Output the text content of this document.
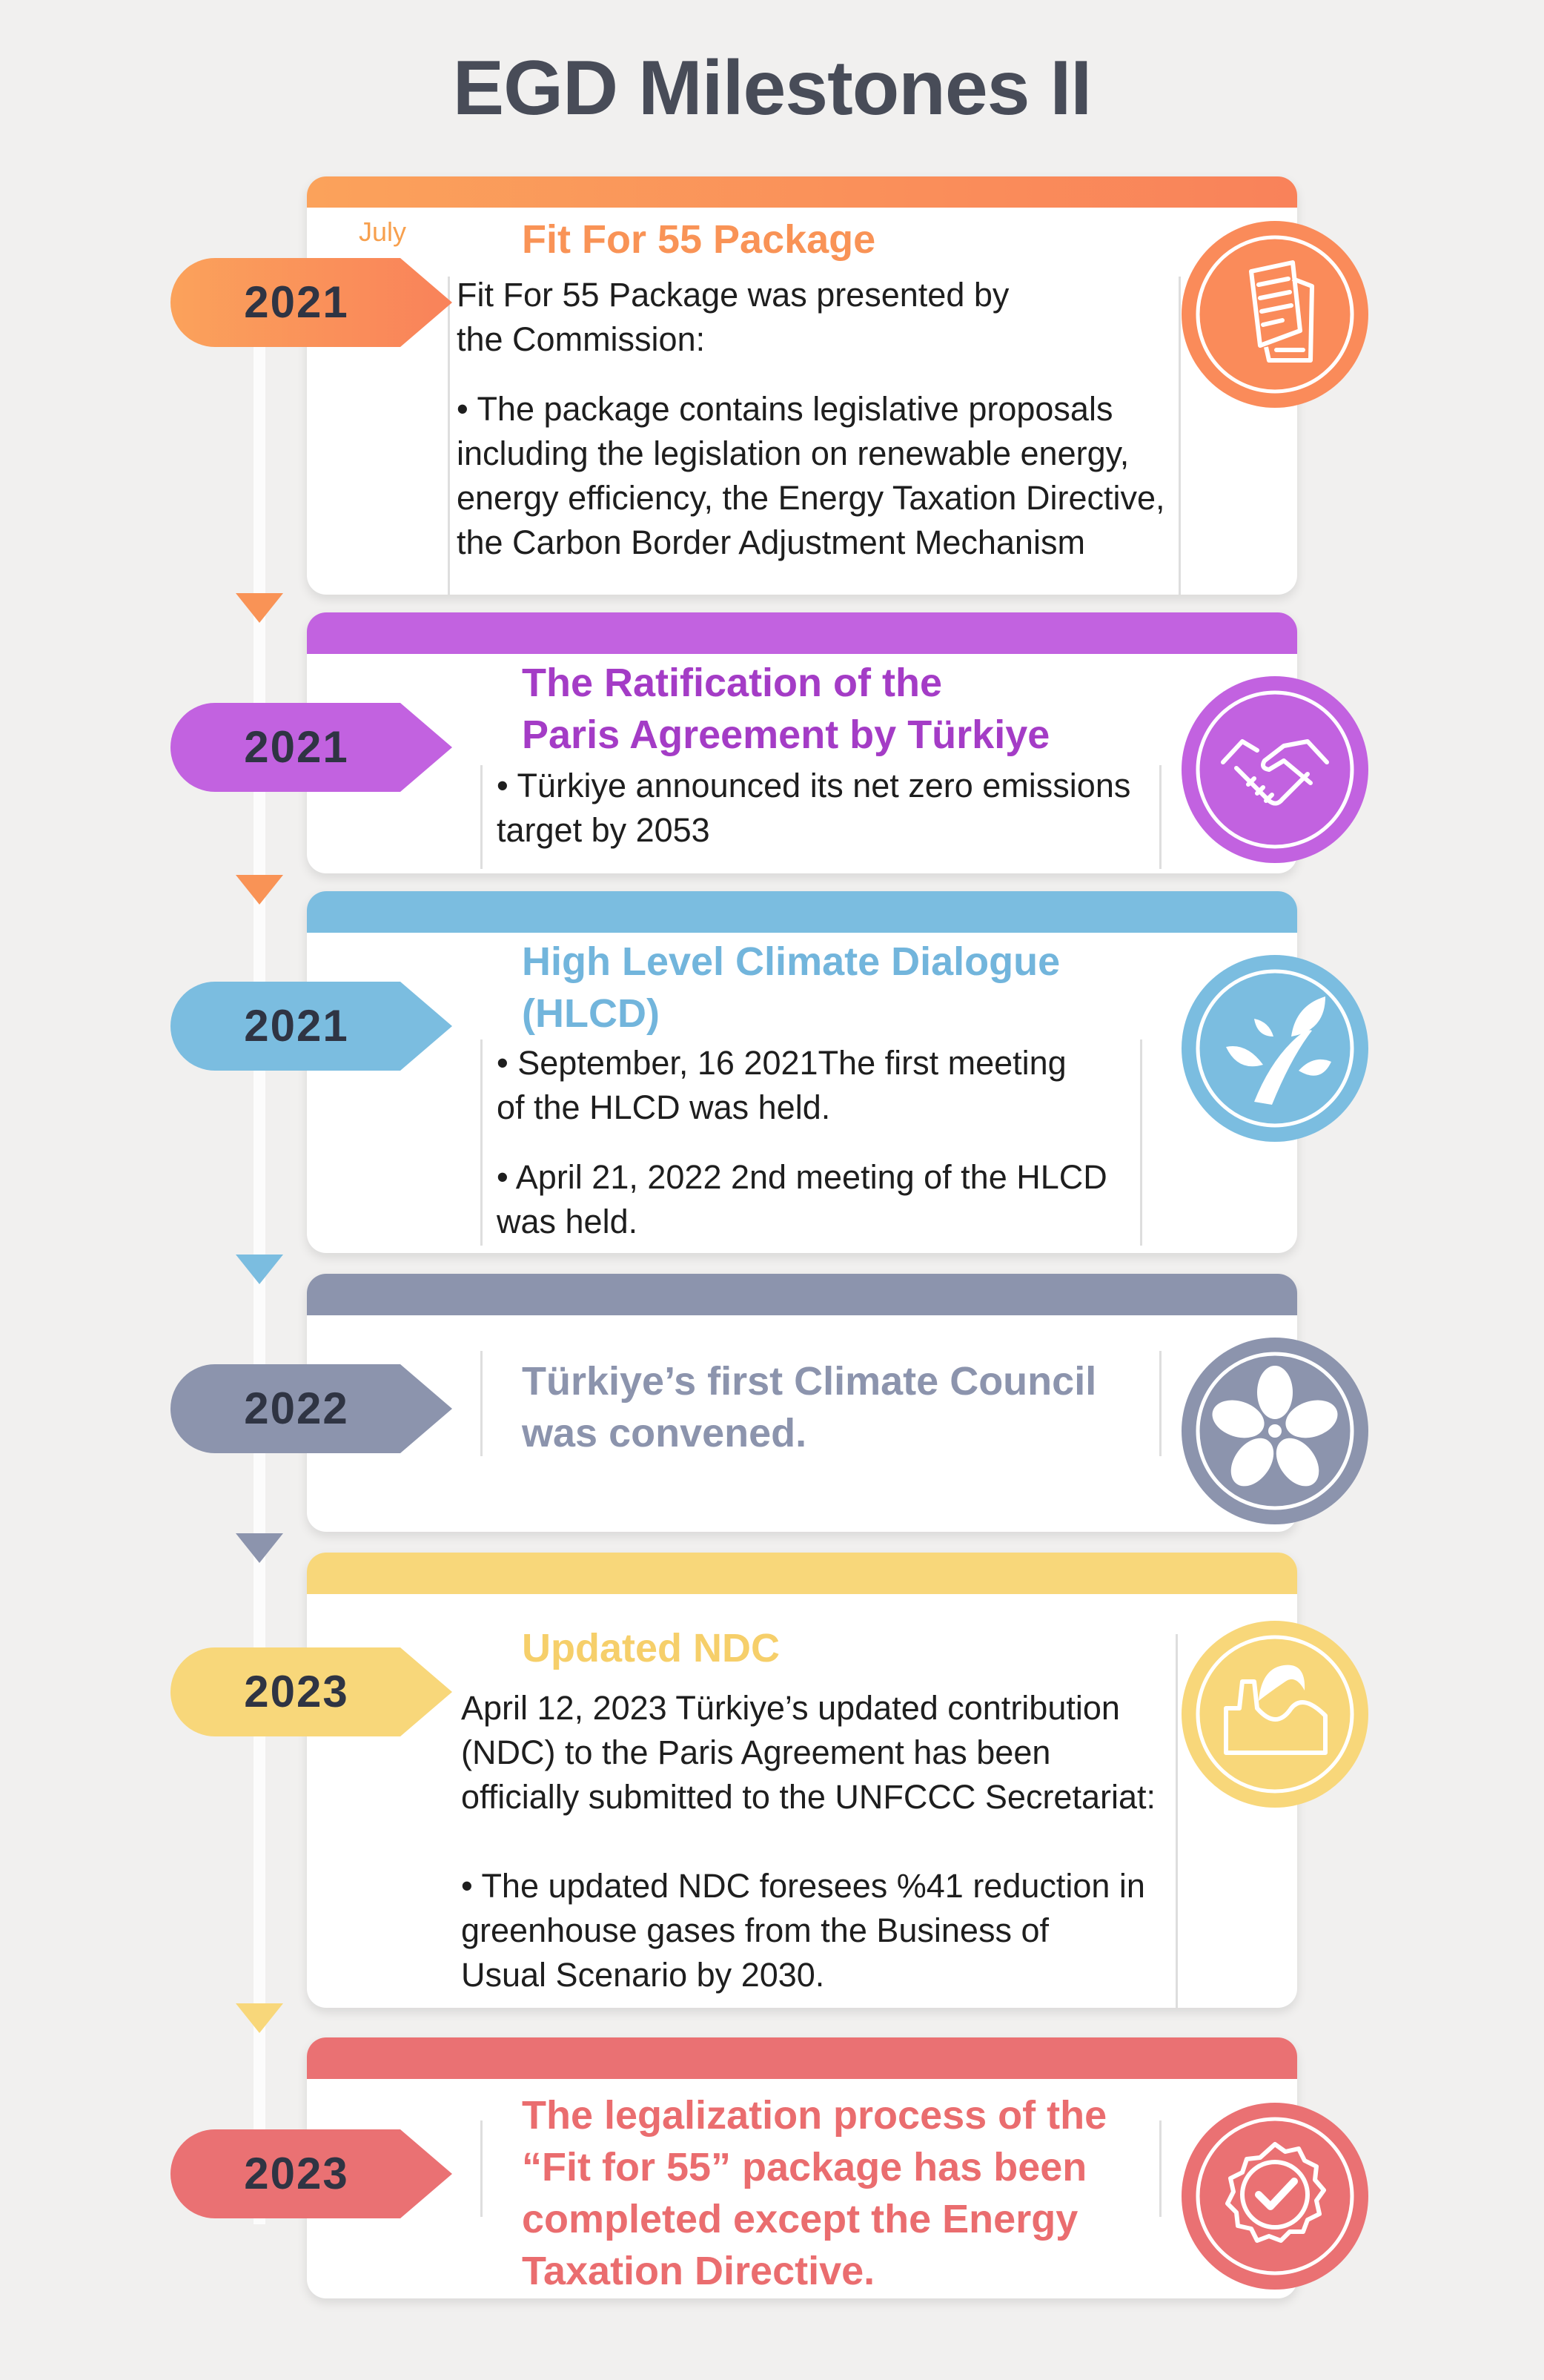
EGD Milestones II
July	Fit For 55 Package

Fit For 55 Package was presented by
the Commission:

• The package contains legislative proposals
including the legislation on renewable energy,
energy efficiency, the Energy Taxation Directive,
the Carbon Border Adjustment Mechanism

2021
The Ratification of the
Paris Agreement by Türkiye

• Türkiye announced its net zero emissions
target by 2053

2021
High Level Climate Dialogue
(HLCD)

• September, 16 2021The first meeting
of the HLCD was held.

• April 21, 2022 2nd meeting of the HLCD
was held.

2021
Türkiye’s first Climate Council
was convened.
2022
Updated NDC

April 12, 2023 Türkiye’s updated contribution
(NDC) to the Paris Agreement has been
officially submitted to the UNFCCC Secretariat:

• The updated NDC foresees %41 reduction in
greenhouse gases from the Business of
Usual Scenario by 2030.

2023
The legalization process of the
“Fit for 55” package has been
completed except the Energy
Taxation Directive.
2023
